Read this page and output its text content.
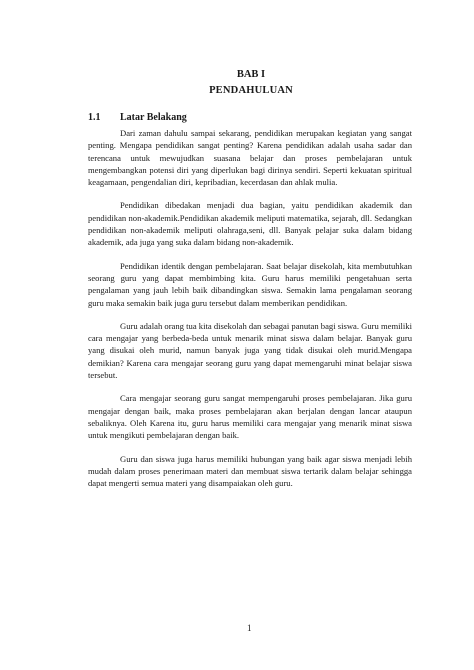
BAB I
PENDAHULUAN
1.1 Latar Belakang

Dari zaman dahulu sampai sekarang, pendidikan merupakan kegiatan yang sangat penting. Mengapa pendidikan sangat penting? Karena pendidikan adalah usaha sadar dan terencana untuk mewujudkan suasana belajar dan proses pembelajaran untuk mengembangkan potensi diri yang diperlukan bagi dirinya sendiri. Seperti kekuatan spiritual keagamaan, pengendalian diri, kepribadian, kecerdasan dan ahlak mulia.

Pendidikan dibedakan menjadi dua bagian, yaitu pendidikan akademik dan pendidikan non-akademik.Pendidikan akademik meliputi matematika, sejarah, dll. Sedangkan pendidikan non-akademik meliputi olahraga,seni, dll. Banyak pelajar suka dalam bidang akademik, ada juga yang suka dalam bidang non-akademik.

Pendidikan identik dengan pembelajaran. Saat belajar disekolah, kita membutuhkan seorang guru yang dapat membimbing kita. Guru harus memiliki pengetahuan serta pengalaman yang jauh lebih baik dibandingkan siswa. Semakin lama pengalaman seorang guru maka semakin baik juga guru tersebut dalam memberikan pendidikan.

Guru adalah orang tua kita disekolah dan sebagai panutan bagi siswa. Guru memiliki cara mengajar yang berbeda-beda untuk menarik minat siswa dalam belajar. Banyak guru yang disukai oleh murid, namun banyak juga yang tidak disukai oleh murid.Mengapa demikian? Karena cara mengajar seorang guru yang dapat memengaruhi minat belajar siswa tersebut.

Cara mengajar seorang guru sangat mempengaruhi proses pembelajaran. Jika guru mengajar dengan baik, maka proses pembelajaran akan berjalan dengan lancar ataupun sebaliknya. Oleh Karena itu, guru harus memiliki cara mengajar yang menarik minat siswa untuk mengikuti pembelajaran dengan baik.

Guru dan siswa juga harus memiliki hubungan yang baik agar siswa menjadi lebih mudah dalam proses penerimaan materi dan membuat siswa tertarik dalam belajar sehingga dapat mengerti semua materi yang disampaiakan oleh guru.

1
